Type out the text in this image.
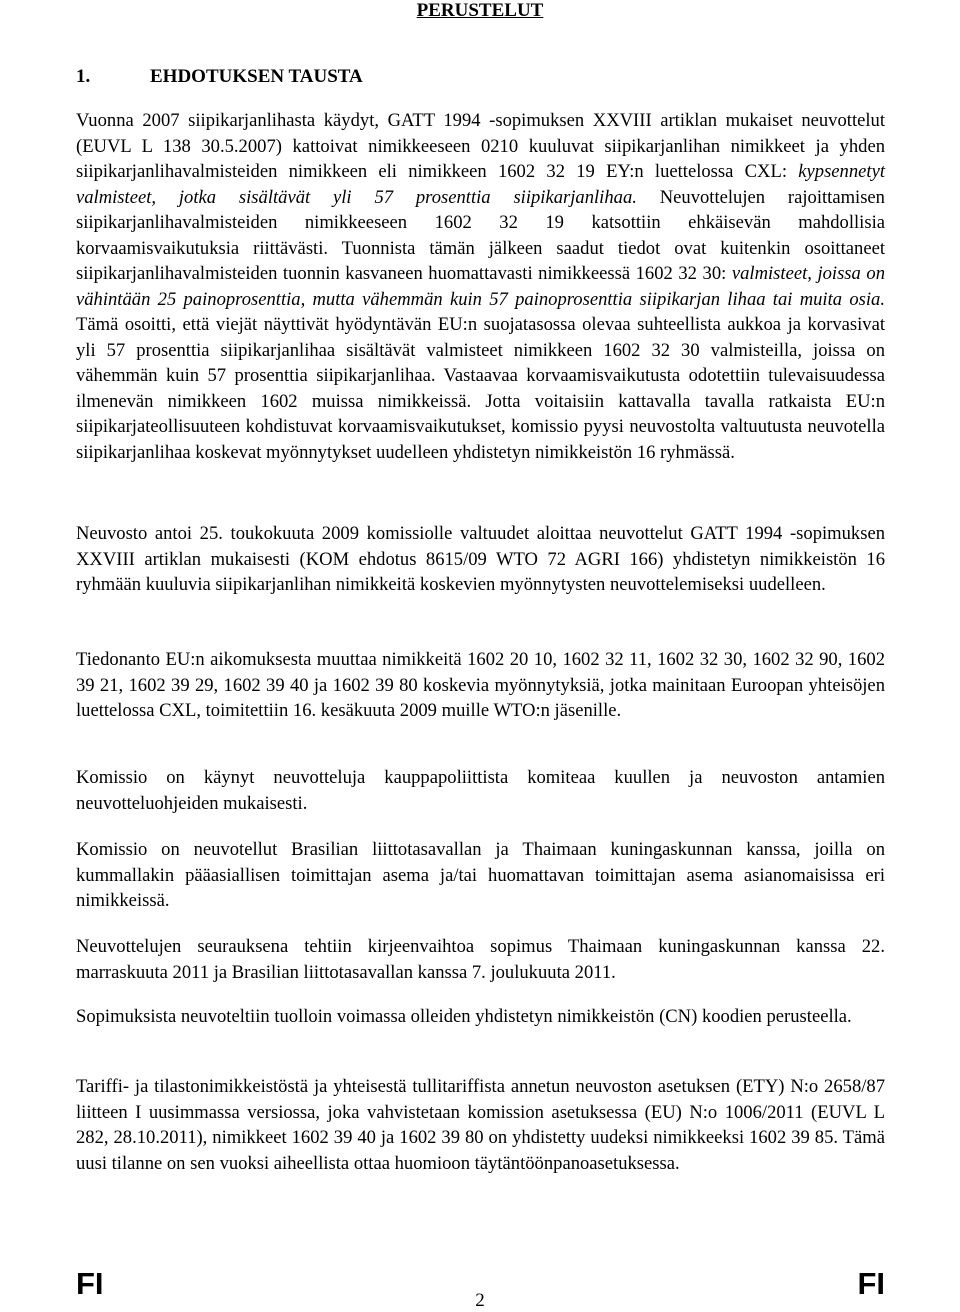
PERUSTELUT
1.	EHDOTUKSEN TAUSTA

Vuonna 2007 siipikarjanlihasta käydyt, GATT 1994 -sopimuksen XXVIII artiklan mukaiset neuvottelut (EUVL L 138 30.5.2007) kattoivat nimikkeeseen 0210 kuuluvat siipikarjanlihan nimikkeet ja yhden siipikarjanlihavalmisteiden nimikkeen eli nimikkeen 1602 32 19 EY:n luettelossa CXL: kypsennetyt valmisteet, jotka sisältävät yli 57 prosenttia siipikarjanlihaa. Neuvottelujen rajoittamisen siipikarjanlihavalmisteiden nimikkeeseen 1602 32 19 katsottiin ehkäisevän mahdollisia korvaamisvaikutuksia riittävästi. Tuonnista tämän jälkeen saadut tiedot ovat kuitenkin osoittaneet siipikarjanlihavalmisteiden tuonnin kasvaneen huomattavasti nimikkeessä 1602 32 30: valmisteet, joissa on vähintään 25 painoprosenttia, mutta vähemmän kuin 57 painoprosenttia siipikarjan lihaa tai muita osia. Tämä osoitti, että viejät näyttivät hyödyntävän EU:n suojatasossa olevaa suhteellista aukkoa ja korvasivat yli 57 prosenttia siipikarjanlihaa sisältävät valmisteet nimikkeen 1602 32 30 valmisteilla, joissa on vähemmän kuin 57 prosenttia siipikarjanlihaa. Vastaavaa korvaamisvaikutusta odotettiin tulevaisuudessa ilmenevän nimikkeen 1602 muissa nimikkeissä. Jotta voitaisiin kattavalla tavalla ratkaista EU:n siipikarjateollisuuteen kohdistuvat korvaamisvaikutukset, komissio pyysi neuvostolta valtuutusta neuvotella siipikarjanlihaa koskevat myönnytykset uudelleen yhdistetyn nimikkeistön 16 ryhmässä.

Neuvosto antoi 25. toukokuuta 2009 komissiolle valtuudet aloittaa neuvottelut GATT 1994 -sopimuksen XXVIII artiklan mukaisesti (KOM ehdotus 8615/09 WTO 72 AGRI 166) yhdistetyn nimikkeistön 16 ryhmään kuuluvia siipikarjanlihan nimikkeitä koskevien myönnytysten neuvottelemiseksi uudelleen.

Tiedonanto EU:n aikomuksesta muuttaa nimikkeitä 1602 20 10, 1602 32 11, 1602 32 30, 1602 32 90, 1602 39 21, 1602 39 29, 1602 39 40 ja 1602 39 80 koskevia myönnytyksiä, jotka mainitaan Euroopan yhteisöjen luettelossa CXL, toimitettiin 16. kesäkuuta 2009 muille WTO:n jäsenille.

Komissio on käynyt neuvotteluja kauppapoliittista komiteaa kuullen ja neuvoston antamien neuvotteluohjeiden mukaisesti.

Komissio on neuvotellut Brasilian liittotasavallan ja Thaimaan kuningaskunnan kanssa, joilla on kummallakin pääasiallisen toimittajan asema ja/tai huomattavan toimittajan asema asianomaisissa eri nimikkeissä.

Neuvottelujen seurauksena tehtiin kirjeenvaihtoa sopimus Thaimaan kuningaskunnan kanssa 22. marraskuuta 2011 ja Brasilian liittotasavallan kanssa 7. joulukuuta 2011.

Sopimuksista neuvoteltiin tuolloin voimassa olleiden yhdistetyn nimikkeistön (CN) koodien perusteella.

Tariffi- ja tilastonimikkeistöstä ja yhteisestä tullitariffista annetun neuvoston asetuksen (ETY) N:o 2658/87 liitteen I uusimmassa versiossa, joka vahvistetaan komission asetuksessa (EU) N:o 1006/2011 (EUVL L 282, 28.10.2011), nimikkeet 1602 39 40 ja 1602 39 80 on yhdistetty uudeksi nimikkeeksi 1602 39 85. Tämä uusi tilanne on sen vuoksi aiheellista ottaa huomioon täytäntöönpanoasetuksessa.

FI	FI
2
